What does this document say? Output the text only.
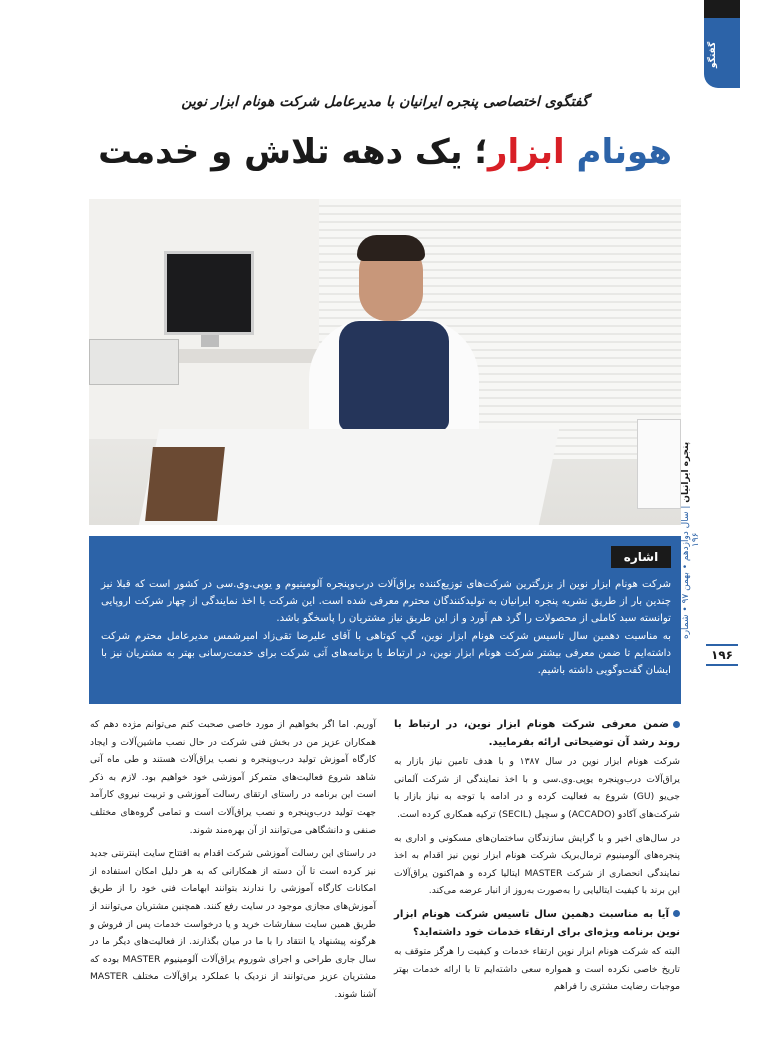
گفتگو
پنجره ایرانیان | سال دوازدهم • بهمن ۹۷ • شماره ۱۹۶
۱۹۶
گفتگوی اختصاصی پنجره ایرانیان با مدیرعامل شرکت هونام ابزار نوین
هونام ابزار؛ یک دهه تلاش و خدمت
اشاره

شرکت هونام ابزار نوین از بزرگترین شرکت‌های توزیع‌کننده یراق‌آلات درب‌وپنجره آلومینیوم و یوپی.وی.سی در کشور است که قبلا نیز چندین بار از طریق نشریه پنجره ایرانیان به تولیدکنندگان محترم معرفی شده است. این شرکت با اخذ نمایندگی از چهار شرکت اروپایی توانسته سبد کاملی از محصولات را گرد هم آورد و از این طریق نیاز مشتریان را پاسخگو باشد.

به مناسبت دهمین سال تاسیس شرکت هونام ابزار نوین، گپ کوتاهی با آقای علیرضا تقی‌زاد امیرشمس مدیرعامل محترم شرکت داشته‌ایم تا ضمن معرفی بیشتر شرکت هونام ابزار نوین، در ارتباط با برنامه‌های آتی شرکت برای خدمت‌رسانی بهتر به مشتریان نیز با ایشان گفت‌وگویی داشته باشیم.

ضمن معرفی شرکت هونام ابزار نوین، در ارتباط با روند رشد آن توضیحاتی ارائه بفرمایید.

شرکت هونام ابزار نوین در سال ۱۳۸۷ و با هدف تامین نیاز بازار به یراق‌آلات درب‌وپنجره یوپی.وی.سی و با اخذ نمایندگی از شرکت آلمانی جی‌یو (GU) شروع به فعالیت کرده و در ادامه با توجه به نیاز بازار با شرکت‌های آکادو (ACCADO) و سچیل (SECIL) ترکیه همکاری کرده است.

در سال‌های اخیر و با گرایش سازندگان ساختمان‌های مسکونی و اداری به پنجره‌های آلومینیوم ترمال‌بریک شرکت هونام ابزار نوین نیز اقدام به اخذ نمایندگی انحصاری از شرکت MASTER ایتالیا کرده و هم‌اکنون یراق‌آلات این برند با کیفیت ایتالیایی را به‌صورت به‌روز از انبار عرضه می‌کند.

آیا به مناسبت دهمین سال تاسیس شرکت هونام ابزار نوین برنامه ویژه‌ای برای ارتقاء خدمات خود داشته‌اید؟

البته که شرکت هونام ابزار نوین ارتقاء خدمات و کیفیت را هرگز متوقف به تاریخ خاصی نکرده است و همواره سعی داشته‌ایم تا با ارائه خدمات بهتر موجبات رضایت مشتری را فراهم

آوریم. اما اگر بخواهیم از مورد خاصی صحبت کنم می‌توانم مژده دهم که همکاران عزیز من در بخش فنی شرکت در حال نصب ماشین‌آلات و ایجاد کارگاه آموزش تولید درب‌وپنجره و نصب یراق‌آلات هستند و طی ماه آتی شاهد شروع فعالیت‌های متمرکز آموزشی خود خواهیم بود. لازم به ذکر است این برنامه در راستای ارتقای رسالت آموزشی و تربیت نیروی کارآمد جهت تولید درب‌وپنجره و نصب یراق‌آلات است و تمامی گروه‌های مختلف صنفی و دانشگاهی می‌توانند از آن بهره‌مند شوند.

در راستای این رسالت آموزشی شرکت اقدام به افتتاح سایت اینترنتی جدید نیز کرده است تا آن دسته از همکارانی که به هر دلیل امکان استفاده از امکانات کارگاه آموزشی را ندارند بتوانند ابهامات فنی خود را از طریق آموزش‌های مجازی موجود در سایت رفع کنند. همچنین مشتریان می‌توانند از طریق همین سایت سفارشات خرید و یا درخواست خدمات پس از فروش و هرگونه پیشنهاد یا انتقاد را با ما در میان بگذارند. از فعالیت‌های دیگر ما در سال جاری طراحی و اجرای شوروم یراق‌آلات آلومینیوم MASTER بوده که مشتریان عزیز می‌توانند از نزدیک با عملکرد یراق‌آلات مختلف MASTER آشنا شوند.
